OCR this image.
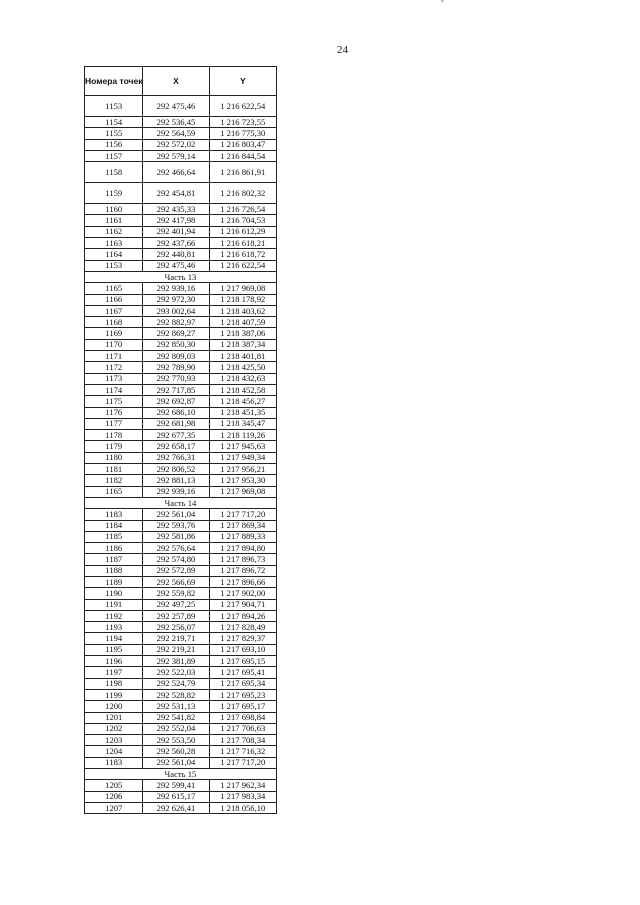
ˇ
24
Номера точек	X	Y
1153	292 475,46	1 216 622,54
1154	292 536,45	1 216 723,55
1155	292 564,59	1 216 775,30
1156	292 572,02	1 216 803,47
1157	292 579,14	1 216 844,54
1158	292 466,64	1 216 861,91
1159	292 454,81	1 216 802,32
1160	292 435,33	1 216 726,54
1161	292 417,98	1 216 704,53
1162	292 401,94	1 216 612,29
1163	292 437,66	1 216 618,21
1164	292 440,81	1 216 618,72
1153	292 475,46	1 216 622,54
Часть 13		
1165	292 939,16	1 217 969,08
1166	292 972,30	1 218 178,92
1167	293 002,64	1 218 403,62
1168	292 882,97	1 218 407,59
1169	292 869,27	1 218 387,06
1170	292 850,30	1 218 387,34
1171	292 809,03	1 218 401,81
1172	292 789,90	1 218 425,50
1173	292 770,93	1 218 432,63
1174	292 717,85	1 218 452,58
1175	292 692,87	1 218 456,27
1176	292 686,10	1 218 451,35
1177	292 681,98	1 218 345,47
1178	292 677,35	1 218 119,26
1179	292 658,17	1 217 945,63
1180	292 766,31	1 217 949,34
1181	292 806,52	1 217 956,21
1182	292 881,13	1 217 953,30
1165	292 939,16	1 217 969,08
Часть 14		
1183	292 561,04	1 217 717,20
1184	292 593,76	1 217 869,34
1185	292 581,86	1 217 889,33
1186	292 576,64	1 217 894,80
1187	292 574,80	1 217 896,73
1188	292 572,89	1 217 896,72
1189	292 566,69	1 217 896,66
1190	292 559,82	1 217 902,00
1191	292 497,25	1 217 904,71
1192	292 257,89	1 217 894,26
1193	292 256,07	1 217 828,49
1194	292 219,71	1 217 829,37
1195	292 219,21	1 217 693,10
1196	292 381,89	1 217 695,15
1197	292 522,03	1 217 695,41
1198	292 524,79	1 217 695,34
1199	292 528,82	1 217 695,23
1200	292 531,13	1 217 695,17
1201	292 541,82	1 217 698,84
1202	292 552,04	1 217 706,63
1203	292 553,50	1 217 708,34
1204	292 560,28	1 217 716,32
1183	292 561,04	1 217 717,20
Часть 15		
1205	292 599,41	1 217 962,34
1206	292 615,17	1 217 983,34
1207	292 626,41	1 218 056,10
